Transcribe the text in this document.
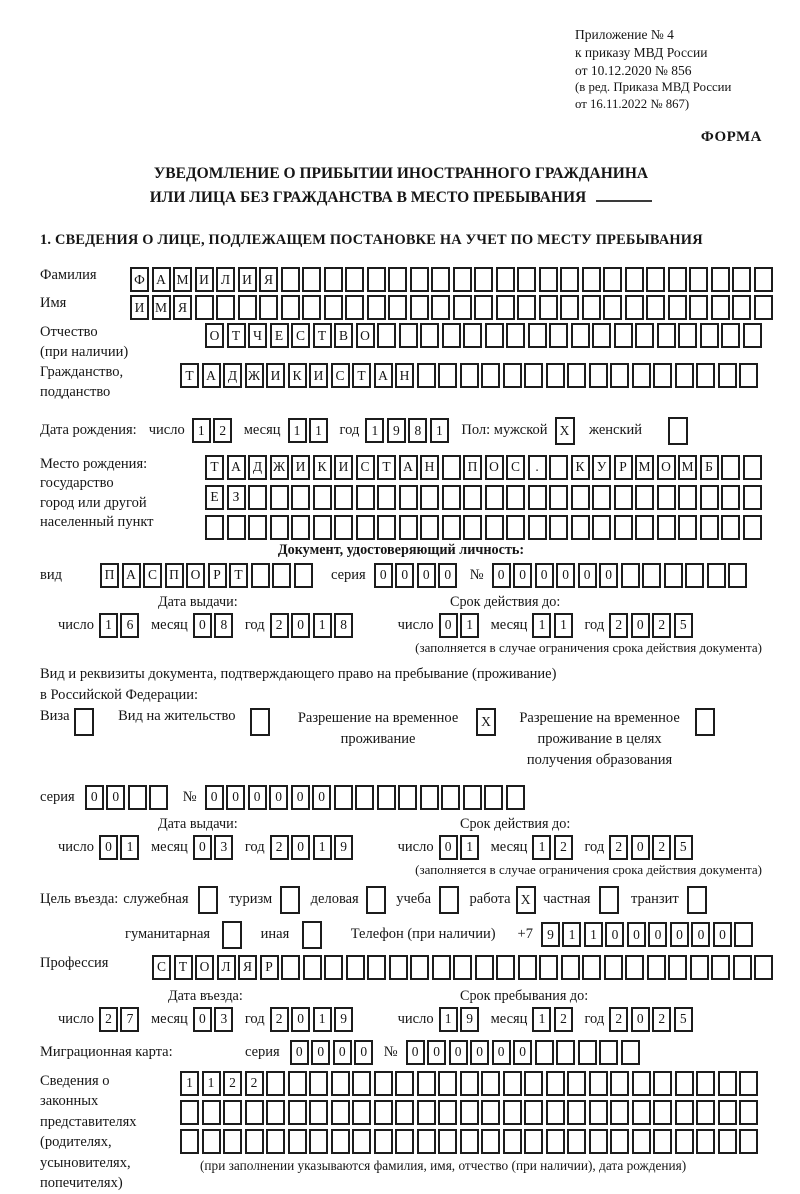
Приложение № 4
к приказу МВД России
от 10.12.2020 № 856
(в ред. Приказа МВД России
от 16.11.2022 № 867)
ФОРМА
УВЕДОМЛЕНИЕ О ПРИБЫТИИ ИНОСТРАННОГО ГРАЖДАНИНА
ИЛИ ЛИЦА БЕЗ ГРАЖДАНСТВА В МЕСТО ПРЕБЫВАНИЯ
1. СВЕДЕНИЯ О ЛИЦЕ, ПОДЛЕЖАЩЕМ ПОСТАНОВКЕ НА УЧЕТ ПО МЕСТУ ПРЕБЫВАНИЯ
Фамилия	Ф А М И Л И Я
Имя	И М Я
Отчество
(при наличии)
О Т Ч Е С Т В О
Гражданство,
подданство
Т А Д Ж И К И С Т А Н
Дата рождения: число 1	2	месяц 1	1	год 1	9	8	1	Пол: мужской X	женский
Место рождения:
государство
город или другой
населенный пункт
Т А Д Ж И К И С Т А Н	П О С	.	К У Р М О М Б
Е	З
Документ, удостоверяющий личность:
вид	П А С П О Р	Т	серия	0	0	0	0	№	0	0	0	0	0	0
Дата выдачи:	Срок действия до:
число 1	6	месяц 0	8	год 2	0	1	8	число 0	1	месяц 1	1	год 2	0	2	5
(заполняется в случае ограничения срока действия документа)
Вид и реквизиты документа, подтверждающего право на пребывание (проживание)
в Российской Федерации:
Виза	Вид на жительство	Разрешение на временное
проживание
X	Разрешение на временное
проживание в целях
получения образования
серия	0	0	№	0	0	0	0	0	0
Дата выдачи:	Срок действия до:
число 0	1	месяц 0	3	год 2	0	1	9	число 0	1	месяц 1	2	год 2	0	2	5
(заполняется в случае ограничения срока действия документа)
Цель въезда: служебная	туризм	деловая	учеба	работа X частная	транзит
гуманитарная	иная	Телефон (при наличии) +7	9	1	1	0	0	0	0	0	0
Профессия	С Т О Л Я Р
Дата въезда:	Срок пребывания до:
число 2	7	месяц 0	3	год 2	0	1	9	число 1	9	месяц 1	2	год 2	0	2	5
Миграционная карта:	серия	0	0	0	0	№	0	0	0	0	0	0
Сведения о
законных
представителях
(родителях,
усыновителях,
попечителях)
1	1	2	2
(при заполнении указываются фамилия, имя, отчество (при наличии), дата рождения)
